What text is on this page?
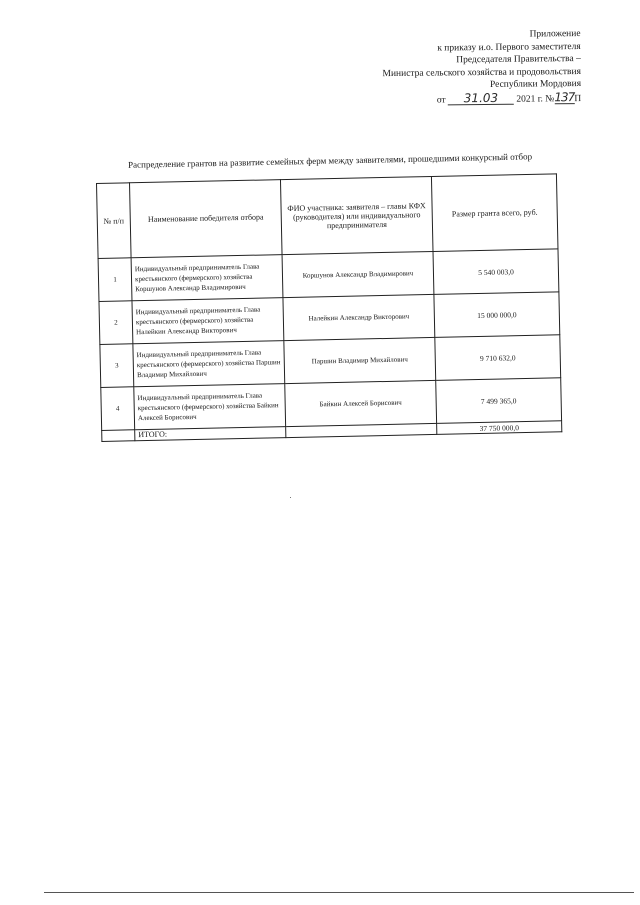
Приложение
к приказу и.о. Первого заместителя
Председателя Правительства –
Министра сельского хозяйства и продовольствия
Республики Мордовия
от 31.03 2021 г. №137П
Распределение грантов на развитие семейных ферм между заявителями, прошедшими конкурсный отбор
№ п/п	Наименование победителя отбора	ФИО участника: заявителя – главы КФХ (руководителя) или индивидуального предпринимателя	Размер гранта всего, руб.
1	Индивидуальный предприниматель Глава крестьянского (фермерского) хозяйства Коршунов Александр Владимирович	Коршунов Александр Владимирович	5 540 003,0
2	Индивидуальный предприниматель Глава крестьянского (фермерского) хозяйства Налейкин Александр Викторович	Налейкин Александр Викторович	15 000 000,0
3	Индивидуальный предприниматель Глава крестьянского (фермерского) хозяйства Паршин Владимир Михайлович	Паршин Владимир Михайлович	9 710 632,0
4	Индивидуальный предприниматель Глава крестьянского (фермерского) хозяйства Байкин Алексей Борисович	Байкин Алексей Борисович	7 499 365,0
	ИТОГО:		37 750 000,0
